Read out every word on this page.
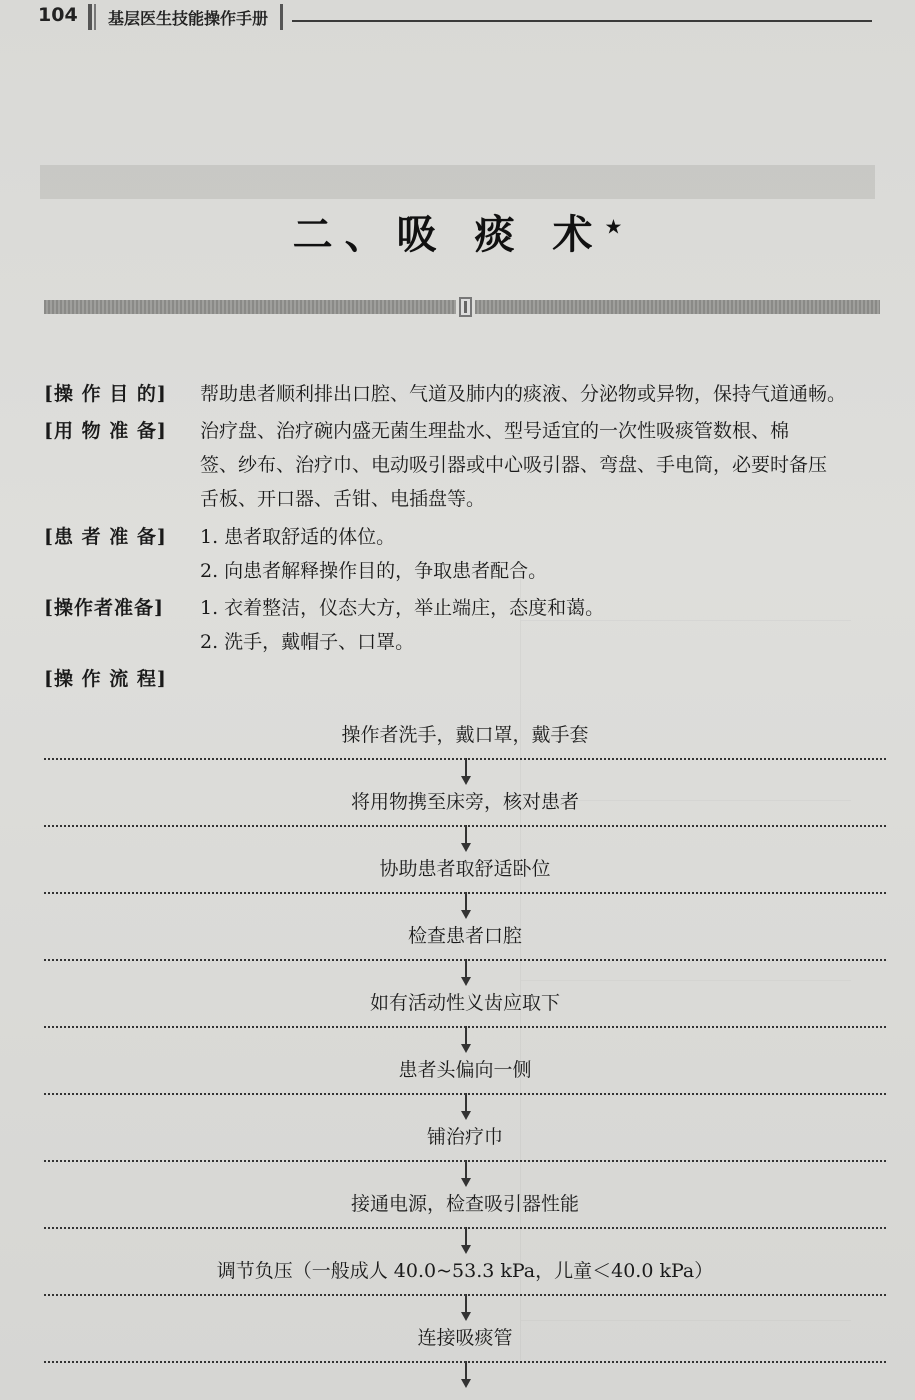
104 基层医生技能操作手册
二、吸 痰 术★
[操 作 目 的]	帮助患者顺利排出口腔、气道及肺内的痰液、分泌物或异物，保持气道通畅。

[用 物 准 备]	治疗盘、治疗碗内盛无菌生理盐水、型号适宜的一次性吸痰管数根、棉

签、纱布、治疗巾、电动吸引器或中心吸引器、弯盘、手电筒，必要时备压

舌板、开口器、舌钳、电插盘等。

[患 者 准 备]	1. 患者取舒适的体位。

2. 向患者解释操作目的，争取患者配合。

[操作者准备]	1. 衣着整洁，仪态大方，举止端庄，态度和蔼。

2. 洗手，戴帽子、口罩。

[操 作 流 程]
操作者洗手，戴口罩，戴手套
将用物携至床旁，核对患者
协助患者取舒适卧位
检查患者口腔
如有活动性义齿应取下
患者头偏向一侧
铺治疗巾
接通电源，检查吸引器性能
调节负压（一般成人 40.0~53.3 kPa，儿童＜40.0 kPa）
连接吸痰管
